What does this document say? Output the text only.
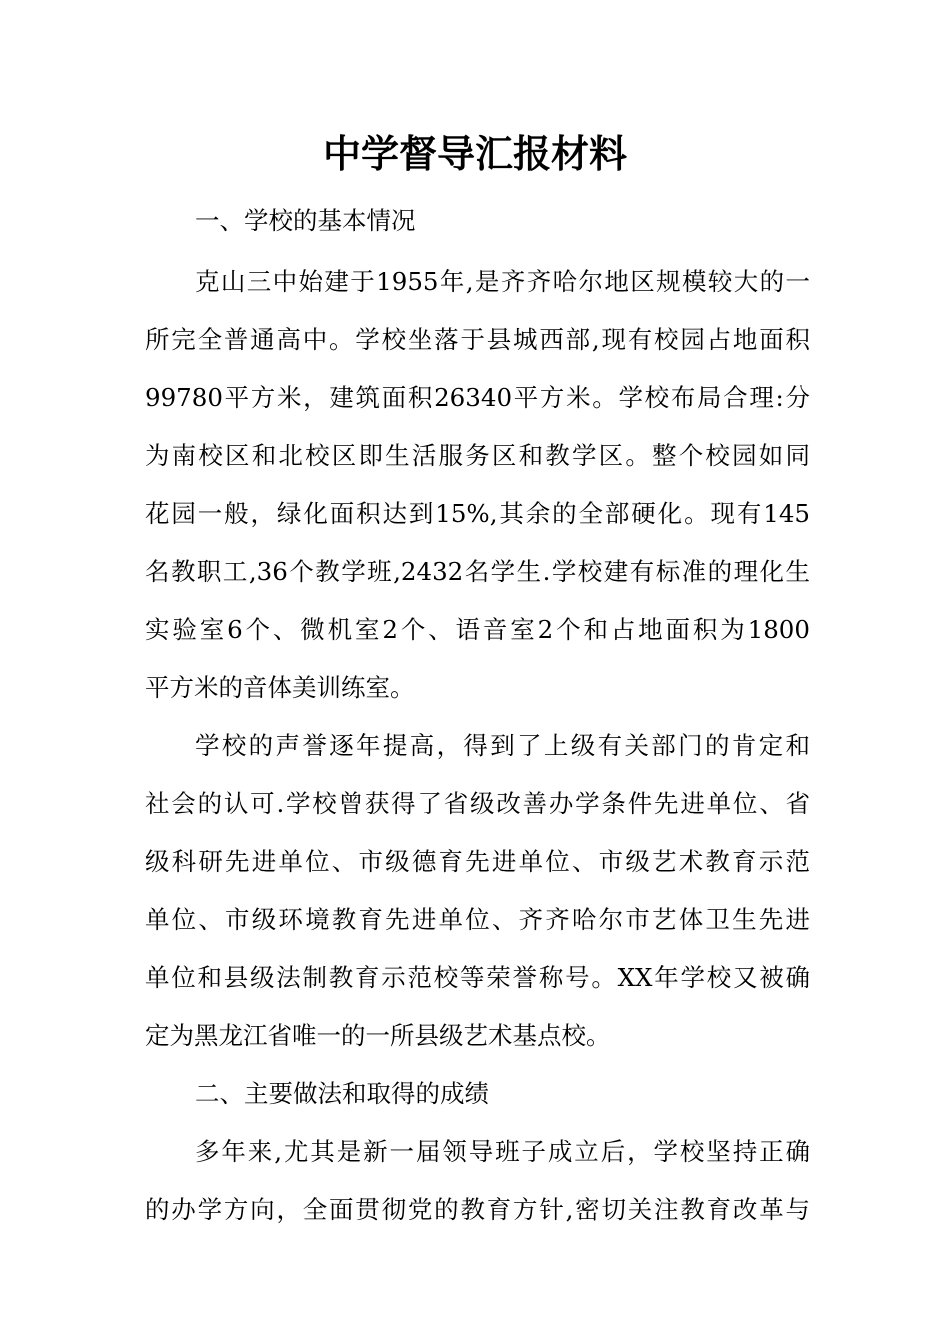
中学督导汇报材料

一、学校的基本情况

克山三中始建于1955年,是齐齐哈尔地区规模较大的一

所完全普通高中。学校坐落于县城西部,现有校园占地面积

99780平方米，建筑面积26340平方米。学校布局合理:分

为南校区和北校区即生活服务区和教学区。整个校园如同

花园一般，绿化面积达到15%,其余的全部硬化。现有145

名教职工,36个教学班,2432名学生.学校建有标准的理化生

实验室6个、微机室2个、语音室2个和占地面积为1800

平方米的音体美训练室。

学校的声誉逐年提高，得到了上级有关部门的肯定和

社会的认可.学校曾获得了省级改善办学条件先进单位、省

级科研先进单位、市级德育先进单位、市级艺术教育示范

单位、市级环境教育先进单位、齐齐哈尔市艺体卫生先进

单位和县级法制教育示范校等荣誉称号。XX年学校又被确

定为黑龙江省唯一的一所县级艺术基点校。

二、主要做法和取得的成绩

多年来,尤其是新一届领导班子成立后，学校坚持正确

的办学方向，全面贯彻党的教育方针,密切关注教育改革与
